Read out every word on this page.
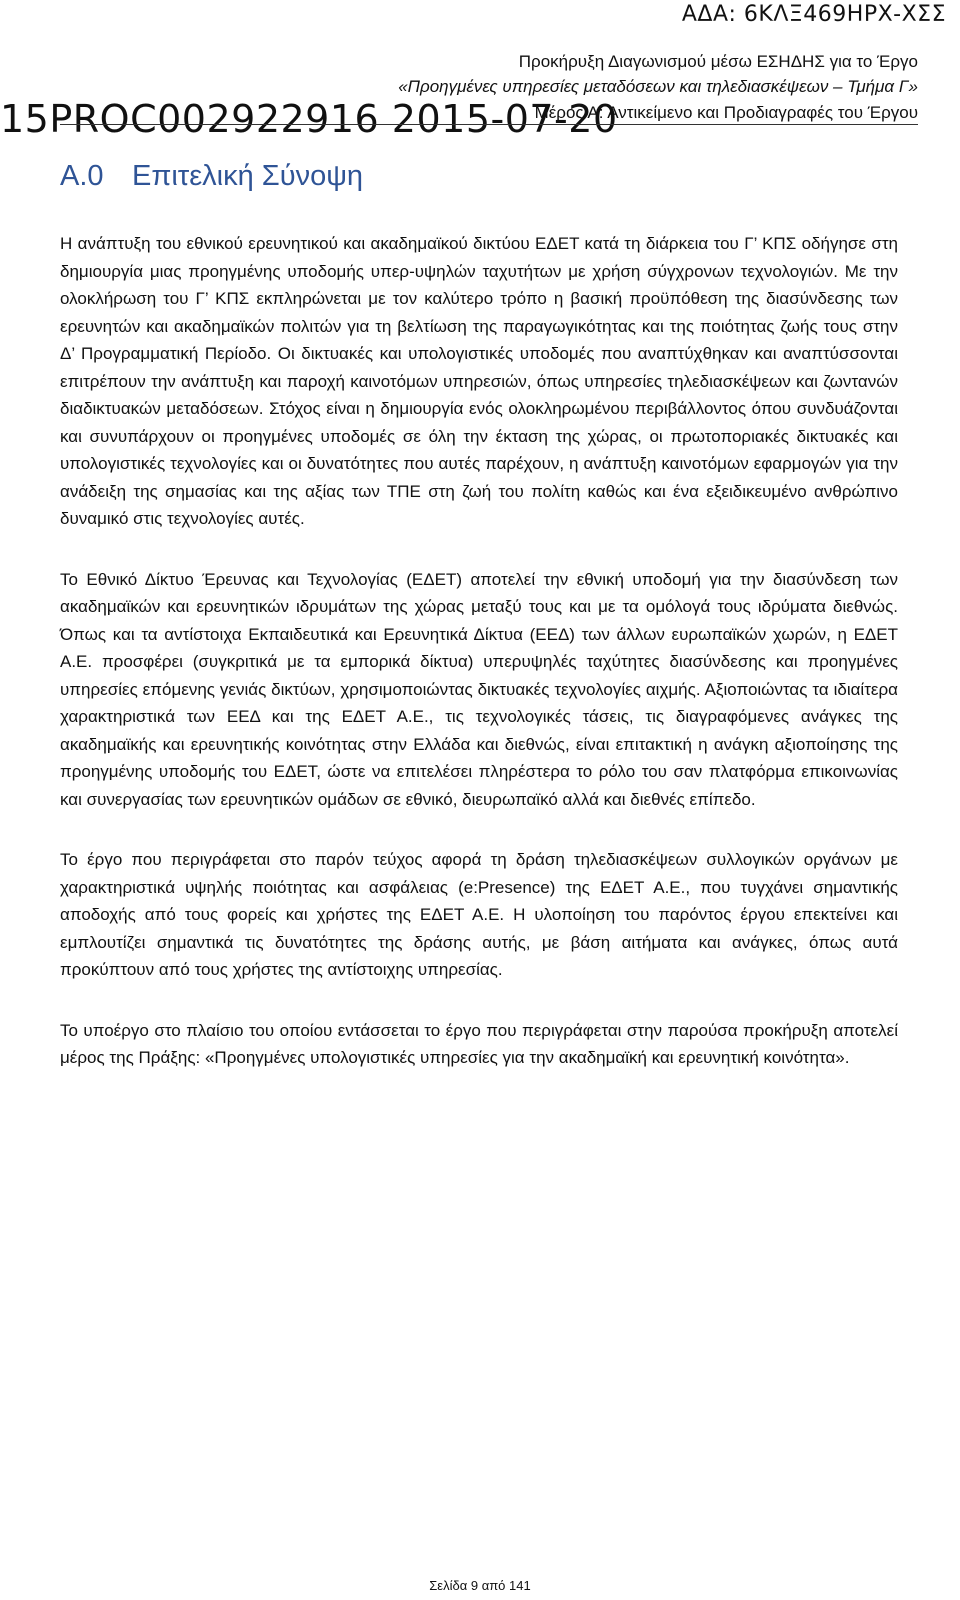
ΑΔΑ: 6ΚΛΞ469ΗΡΧ-ΧΣΣ
Προκήρυξη Διαγωνισμού μέσω ΕΣΗΔΗΣ για το Έργο
«Προηγμένες υπηρεσίες μεταδόσεων και τηλεδιασκέψεων – Τμήμα Γ»
Μέρος Α: Αντικείμενο και Προδιαγραφές του Έργου
15PROC002922916 2015-07-20
Α.0 Επιτελική Σύνοψη

Η ανάπτυξη του εθνικού ερευνητικού και ακαδημαϊκού δικτύου ΕΔΕΤ κατά τη διάρκεια του Γ’ ΚΠΣ οδήγησε στη δημιουργία μιας προηγμένης υποδομής υπερ-υψηλών ταχυτήτων με χρήση σύγχρονων τεχνολογιών. Με την ολοκλήρωση του Γ’ ΚΠΣ εκπληρώνεται με τον καλύτερο τρόπο η βασική προϋπόθεση της διασύνδεσης των ερευνητών και ακαδημαϊκών πολιτών για τη βελτίωση της παραγωγικότητας και της ποιότητας ζωής τους στην Δ’ Προγραμματική Περίοδο. Οι δικτυακές και υπολογιστικές υποδομές που αναπτύχθηκαν και αναπτύσσονται επιτρέπουν την ανάπτυξη και παροχή καινοτόμων υπηρεσιών, όπως υπηρεσίες τηλεδιασκέψεων και ζωντανών διαδικτυακών μεταδόσεων. Στόχος είναι η δημιουργία ενός ολοκληρωμένου περιβάλλοντος όπου συνδυάζονται και συνυπάρχουν οι προηγμένες υποδομές σε όλη την έκταση της χώρας, οι πρωτοποριακές δικτυακές και υπολογιστικές τεχνολογίες και οι δυνατότητες που αυτές παρέχουν, η ανάπτυξη καινοτόμων εφαρμογών για την ανάδειξη της σημασίας και της αξίας των ΤΠΕ στη ζωή του πολίτη καθώς και ένα εξειδικευμένο ανθρώπινο δυναμικό στις τεχνολογίες αυτές.

Το Εθνικό Δίκτυο Έρευνας και Τεχνολογίας (ΕΔΕΤ) αποτελεί την εθνική υποδομή για την διασύνδεση των ακαδημαϊκών και ερευνητικών ιδρυμάτων της χώρας μεταξύ τους και με τα ομόλογά τους ιδρύματα διεθνώς. Όπως και τα αντίστοιχα Εκπαιδευτικά και Ερευνητικά Δίκτυα (ΕΕΔ) των άλλων ευρωπαϊκών χωρών, η ΕΔΕΤ Α.Ε. προσφέρει (συγκριτικά με τα εμπορικά δίκτυα) υπερυψηλές ταχύτητες διασύνδεσης και προηγμένες υπηρεσίες επόμενης γενιάς δικτύων, χρησιμοποιώντας δικτυακές τεχνολογίες αιχμής. Αξιοποιώντας τα ιδιαίτερα χαρακτηριστικά των ΕΕΔ και της ΕΔΕΤ Α.Ε., τις τεχνολογικές τάσεις, τις διαγραφόμενες ανάγκες της ακαδημαϊκής και ερευνητικής κοινότητας στην Ελλάδα και διεθνώς, είναι επιτακτική η ανάγκη αξιοποίησης της προηγμένης υποδομής του ΕΔΕΤ, ώστε να επιτελέσει πληρέστερα το ρόλο του σαν πλατφόρμα επικοινωνίας και συνεργασίας των ερευνητικών ομάδων σε εθνικό, διευρωπαϊκό αλλά και διεθνές επίπεδο.

Το έργο που περιγράφεται στο παρόν τεύχος αφορά τη δράση τηλεδιασκέψεων συλλογικών οργάνων με χαρακτηριστικά υψηλής ποιότητας και ασφάλειας (e:Presence) της ΕΔΕΤ Α.Ε., που τυγχάνει σημαντικής αποδοχής από τους φορείς και χρήστες της ΕΔΕΤ Α.Ε. Η υλοποίηση του παρόντος έργου επεκτείνει και εμπλουτίζει σημαντικά τις δυνατότητες της δράσης αυτής, με βάση αιτήματα και ανάγκες, όπως αυτά προκύπτουν από τους χρήστες της αντίστοιχης υπηρεσίας.

Το υποέργο στο πλαίσιο του οποίου εντάσσεται το έργο που περιγράφεται στην παρούσα προκήρυξη αποτελεί μέρος της Πράξης: «Προηγμένες υπολογιστικές υπηρεσίες για την ακαδημαϊκή και ερευνητική κοινότητα».

Σελίδα 9 από 141
